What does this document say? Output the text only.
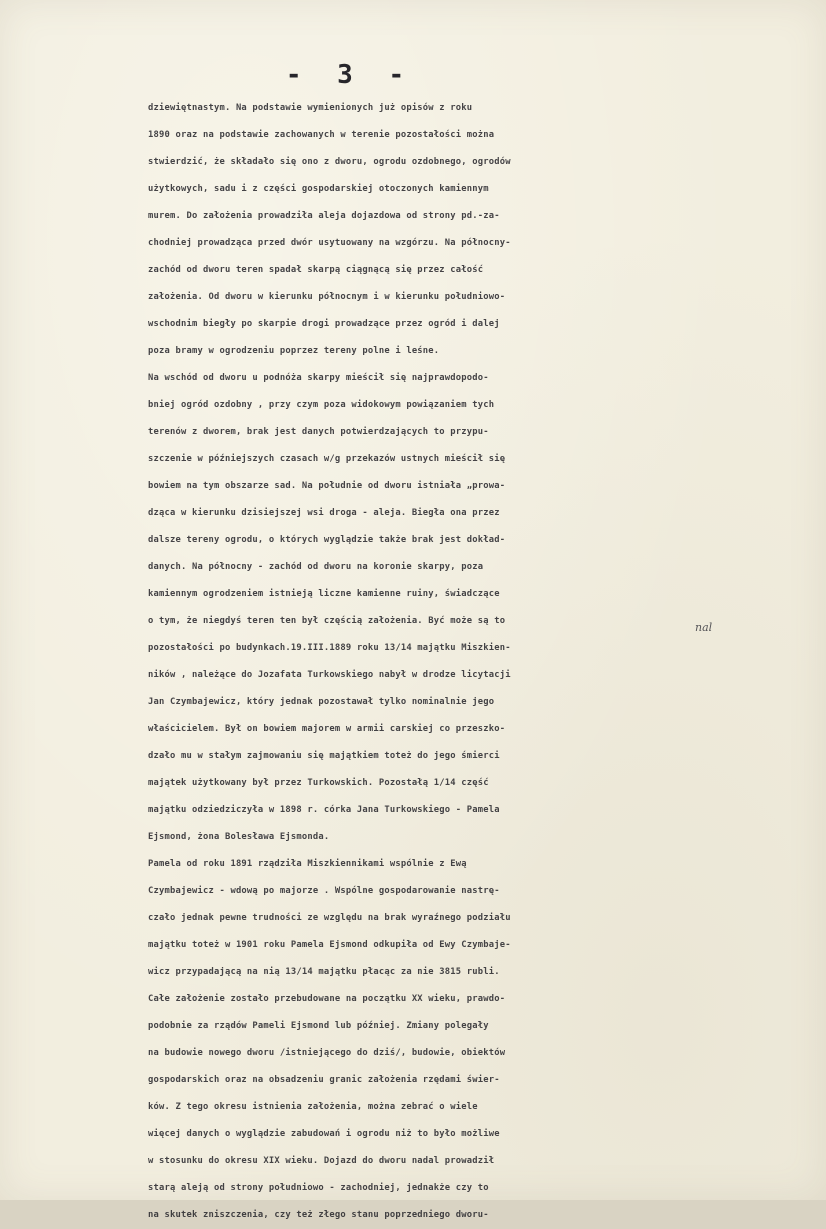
- 3 -
nal
dziewiętnastym. Na podstawie wymienionych już opisów z roku
1890 oraz na podstawie zachowanych w terenie pozostałości można
stwierdzić, że składało się ono z dworu, ogrodu ozdobnego, ogrodów
użytkowych, sadu i z części gospodarskiej otoczonych kamiennym
murem. Do założenia prowadziła aleja dojazdowa od strony pd.-za-
chodniej prowadząca przed dwór usytuowany na wzgórzu. Na północny-
zachód od dworu teren spadał skarpą ciągnącą się przez całość
założenia. Od dworu w kierunku północnym i w kierunku południowo-
wschodnim biegły po skarpie drogi prowadzące przez ogród i dalej
poza bramy w ogrodzeniu poprzez tereny polne i leśne.
Na wschód od dworu u podnóża skarpy mieścił się najprawdopodo-
bniej ogród ozdobny , przy czym poza widokowym powiązaniem tych
terenów z dworem, brak jest danych potwierdzających to przypu-
szczenie w późniejszych czasach w/g przekazów ustnych mieścił się
bowiem na tym obszarze sad. Na południe od dworu istniała „prowa-
dząca w kierunku dzisiejszej wsi droga - aleja. Biegła ona przez
dalsze tereny ogrodu, o których wyglądzie także brak jest dokład-
danych. Na północny - zachód od dworu na koronie skarpy, poza
kamiennym ogrodzeniem istnieją liczne kamienne ruiny, świadczące
o tym, że niegdyś teren ten był częścią założenia. Być może są to
pozostałości po budynkach.19.III.1889 roku 13/14 majątku Miszkien-
ników , należące do Jozafata Turkowskiego nabył w drodze licytacji
Jan Czymbajewicz, który jednak pozostawał tylko nominalnie jego
właścicielem. Był on bowiem majorem w armii carskiej co przeszko-
dzało mu w stałym zajmowaniu się majątkiem toteż do jego śmierci
majątek użytkowany był przez Turkowskich. Pozostałą 1/14 część
majątku odziedziczyła w 1898 r. córka Jana Turkowskiego - Pamela
Ejsmond, żona Bolesława Ejsmonda.
Pamela od roku 1891 rządziła Miszkiennikami wspólnie z Ewą
Czymbajewicz - wdową po majorze . Wspólne gospodarowanie nastrę-
czało jednak pewne trudności ze względu na brak wyraźnego podziału
majątku toteż w 1901 roku Pamela Ejsmond odkupiła od Ewy Czymbaje-
wicz przypadającą na nią 13/14 majątku płacąc za nie 3815 rubli.
Całe założenie zostało przebudowane na początku XX wieku, prawdo-
podobnie za rządów Pameli Ejsmond lub później. Zmiany polegały
na budowie nowego dworu /istniejącego do dziś/, budowie, obiektów
gospodarskich oraz na obsadzeniu granic założenia rzędami świer-
ków. Z tego okresu istnienia założenia, można zebrać o wiele
więcej danych o wyglądzie zabudowań i ogrodu niż to było możliwe
w stosunku do okresu XIX wieku. Dojazd do dworu nadal prowadził
starą aleją od strony południowo - zachodniej, jednakże czy to
na skutek zniszczenia, czy też złego stanu poprzedniego dworu-
